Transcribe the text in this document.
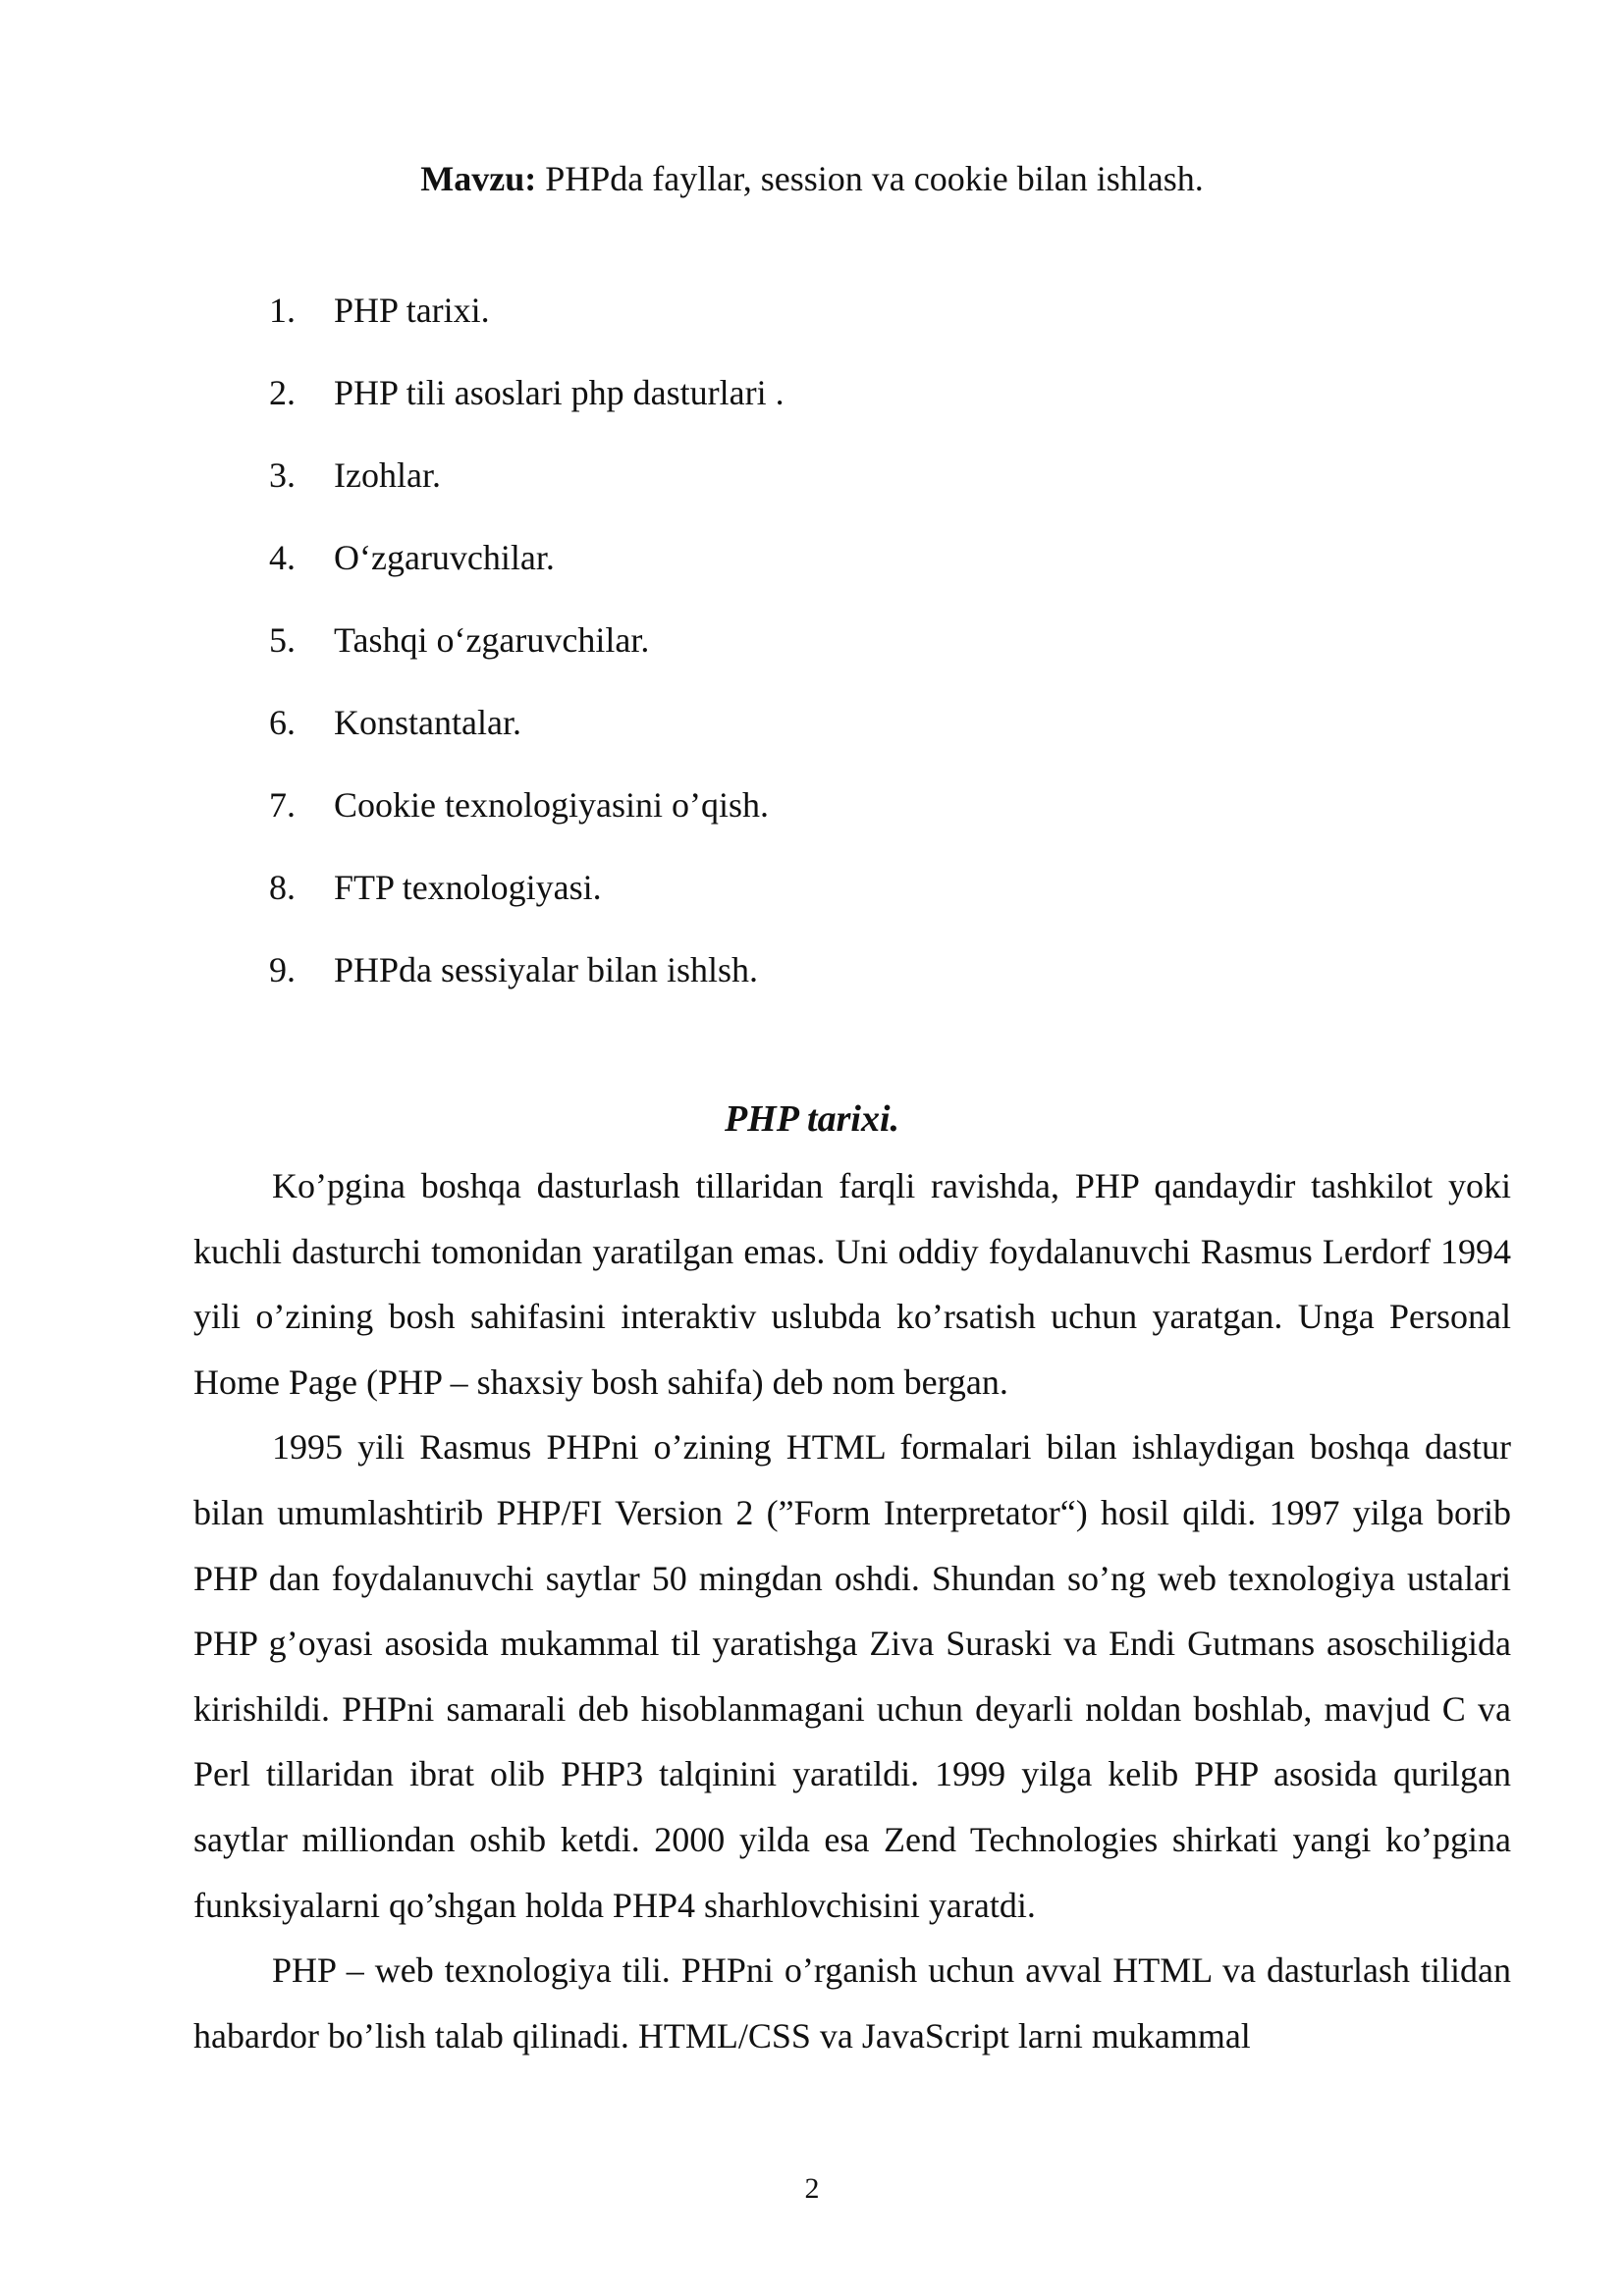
Mavzu: PHPda fayllar, session va cookie bilan ishlash.
1. PHP tarixi.
2. PHP tili asoslari php dasturlari .
3. Izohlar.
4. O‘zgaruvchilar.
5. Tashqi o‘zgaruvchilar.
6. Konstantalar.
7. Cookie texnologiyasini o’qish.
8. FTP texnologiyasi.
9. PHPda sessiyalar bilan ishlsh.
PHP tarixi.

Ko’pgina boshqa dasturlash tillaridan farqli ravishda, PHP qandaydir tashkilot yoki kuchli dasturchi tomonidan yaratilgan emas. Uni oddiy foydalanuvchi Rasmus Lerdorf 1994 yili o’zining bosh sahifasini interaktiv uslubda ko’rsatish uchun yaratgan. Unga Personal Home Page (PHP – shaxsiy bosh sahifa) deb nom bergan.

1995 yili Rasmus PHPni o’zining HTML formalari bilan ishlaydigan boshqa dastur bilan umumlashtirib PHP/FI Version 2 (”Form Interpretator“) hosil qildi. 1997 yilga borib PHP dan foydalanuvchi saytlar 50 mingdan oshdi. Shundan so’ng web texnologiya ustalari PHP g’oyasi asosida mukammal til yaratishga Ziva Suraski va Endi Gutmans asoschiligida kirishildi. PHPni samarali deb hisoblanmagani uchun deyarli noldan boshlab, mavjud C va Perl tillaridan ibrat olib PHP3 talqinini yaratildi. 1999 yilga kelib PHP asosida qurilgan saytlar milliondan oshib ketdi. 2000 yilda esa Zend Technologies shirkati yangi ko’pgina funksiyalarni qo’shgan holda PHP4 sharhlovchisini yaratdi.

PHP – web texnologiya tili. PHPni o’rganish uchun avval HTML va dasturlash tilidan habardor bo’lish talab qilinadi. HTML/CSS va JavaScript larni mukammal

2
